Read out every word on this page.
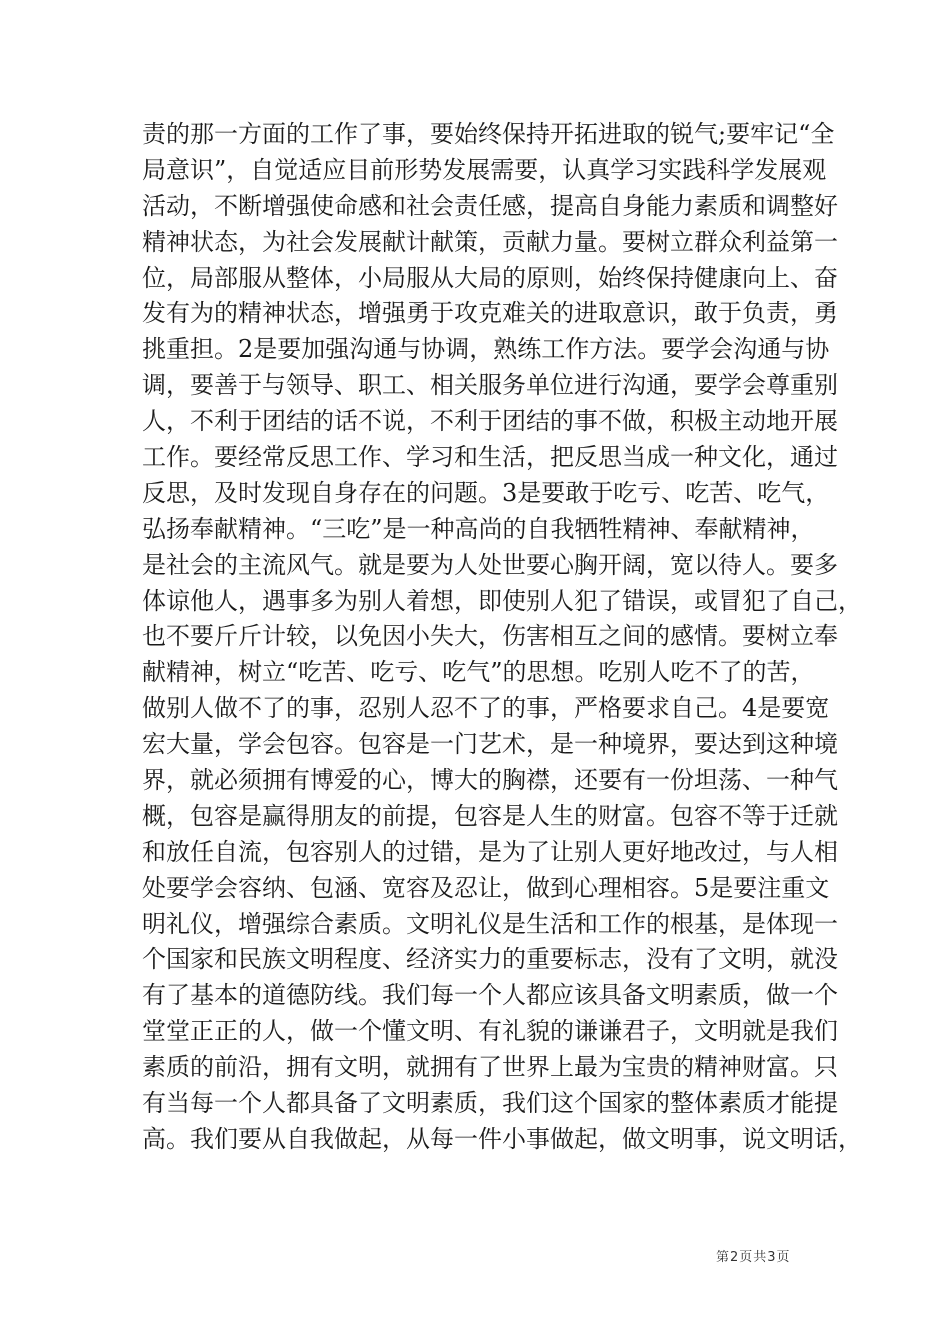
责的那一方面的工作了事，要始终保持开拓进取的锐气;要牢记“全
局意识”，自觉适应目前形势发展需要，认真学习实践科学发展观
活动，不断增强使命感和社会责任感，提高自身能力素质和调整好
精神状态，为社会发展献计献策，贡献力量。要树立群众利益第一
位，局部服从整体，小局服从大局的原则，始终保持健康向上、奋
发有为的精神状态，增强勇于攻克难关的进取意识，敢于负责，勇
挑重担。2是要加强沟通与协调，熟练工作方法。要学会沟通与协
调，要善于与领导、职工、相关服务单位进行沟通，要学会尊重别
人，不利于团结的话不说，不利于团结的事不做，积极主动地开展
工作。要经常反思工作、学习和生活，把反思当成一种文化，通过
反思，及时发现自身存在的问题。3是要敢于吃亏、吃苦、吃气，
弘扬奉献精神。“三吃”是一种高尚的自我牺牲精神、奉献精神，
是社会的主流风气。就是要为人处世要心胸开阔，宽以待人。要多
体谅他人，遇事多为别人着想，即使别人犯了错误，或冒犯了自己，
也不要斤斤计较，以免因小失大，伤害相互之间的感情。要树立奉
献精神，树立“吃苦、吃亏、吃气”的思想。吃别人吃不了的苦，
做别人做不了的事，忍别人忍不了的事，严格要求自己。4是要宽
宏大量，学会包容。包容是一门艺术，是一种境界，要达到这种境
界，就必须拥有博爱的心，博大的胸襟，还要有一份坦荡、一种气
概，包容是赢得朋友的前提，包容是人生的财富。包容不等于迁就
和放任自流，包容别人的过错，是为了让别人更好地改过，与人相
处要学会容纳、包涵、宽容及忍让，做到心理相容。5是要注重文
明礼仪，增强综合素质。文明礼仪是生活和工作的根基，是体现一
个国家和民族文明程度、经济实力的重要标志，没有了文明，就没
有了基本的道德防线。我们每一个人都应该具备文明素质，做一个
堂堂正正的人，做一个懂文明、有礼貌的谦谦君子，文明就是我们
素质的前沿，拥有文明，就拥有了世界上最为宝贵的精神财富。只
有当每一个人都具备了文明素质，我们这个国家的整体素质才能提
高。我们要从自我做起，从每一件小事做起，做文明事，说文明话，
第2页共3页
